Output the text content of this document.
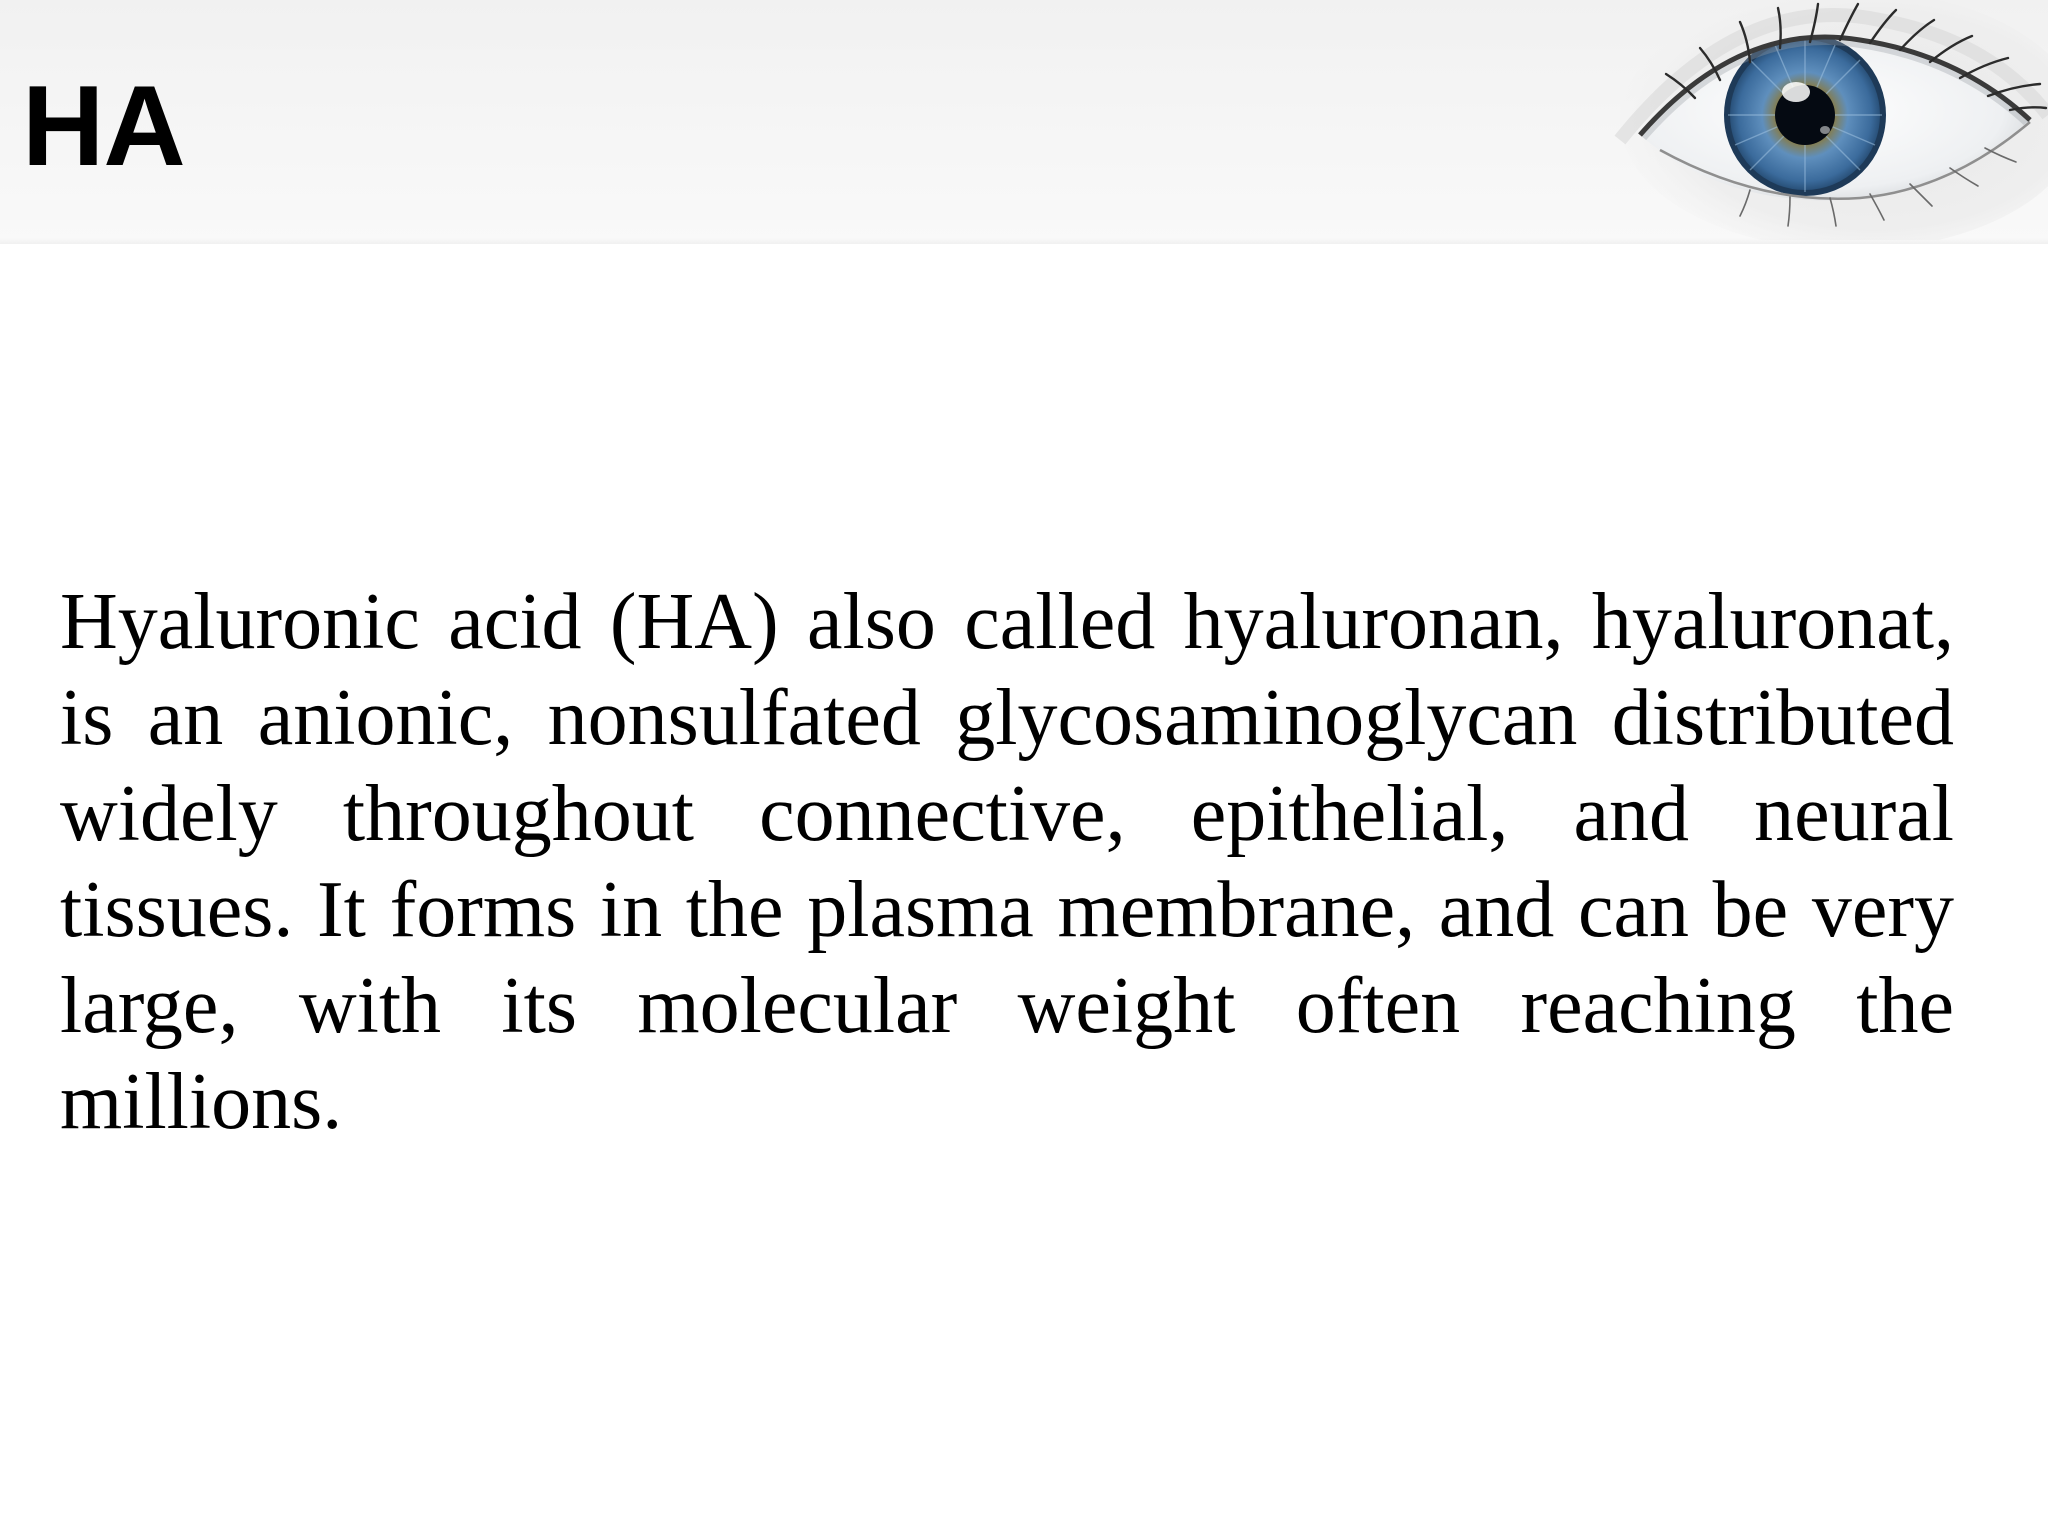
HA

Hyaluronic acid (HA) also called hyaluronan, hyaluronat, is an anionic, nonsulfated glycosaminoglycan distributed widely throughout connective, epithelial, and neural tissues. It forms in the plasma membrane, and can be very large, with its molecular weight often reaching the millions.
